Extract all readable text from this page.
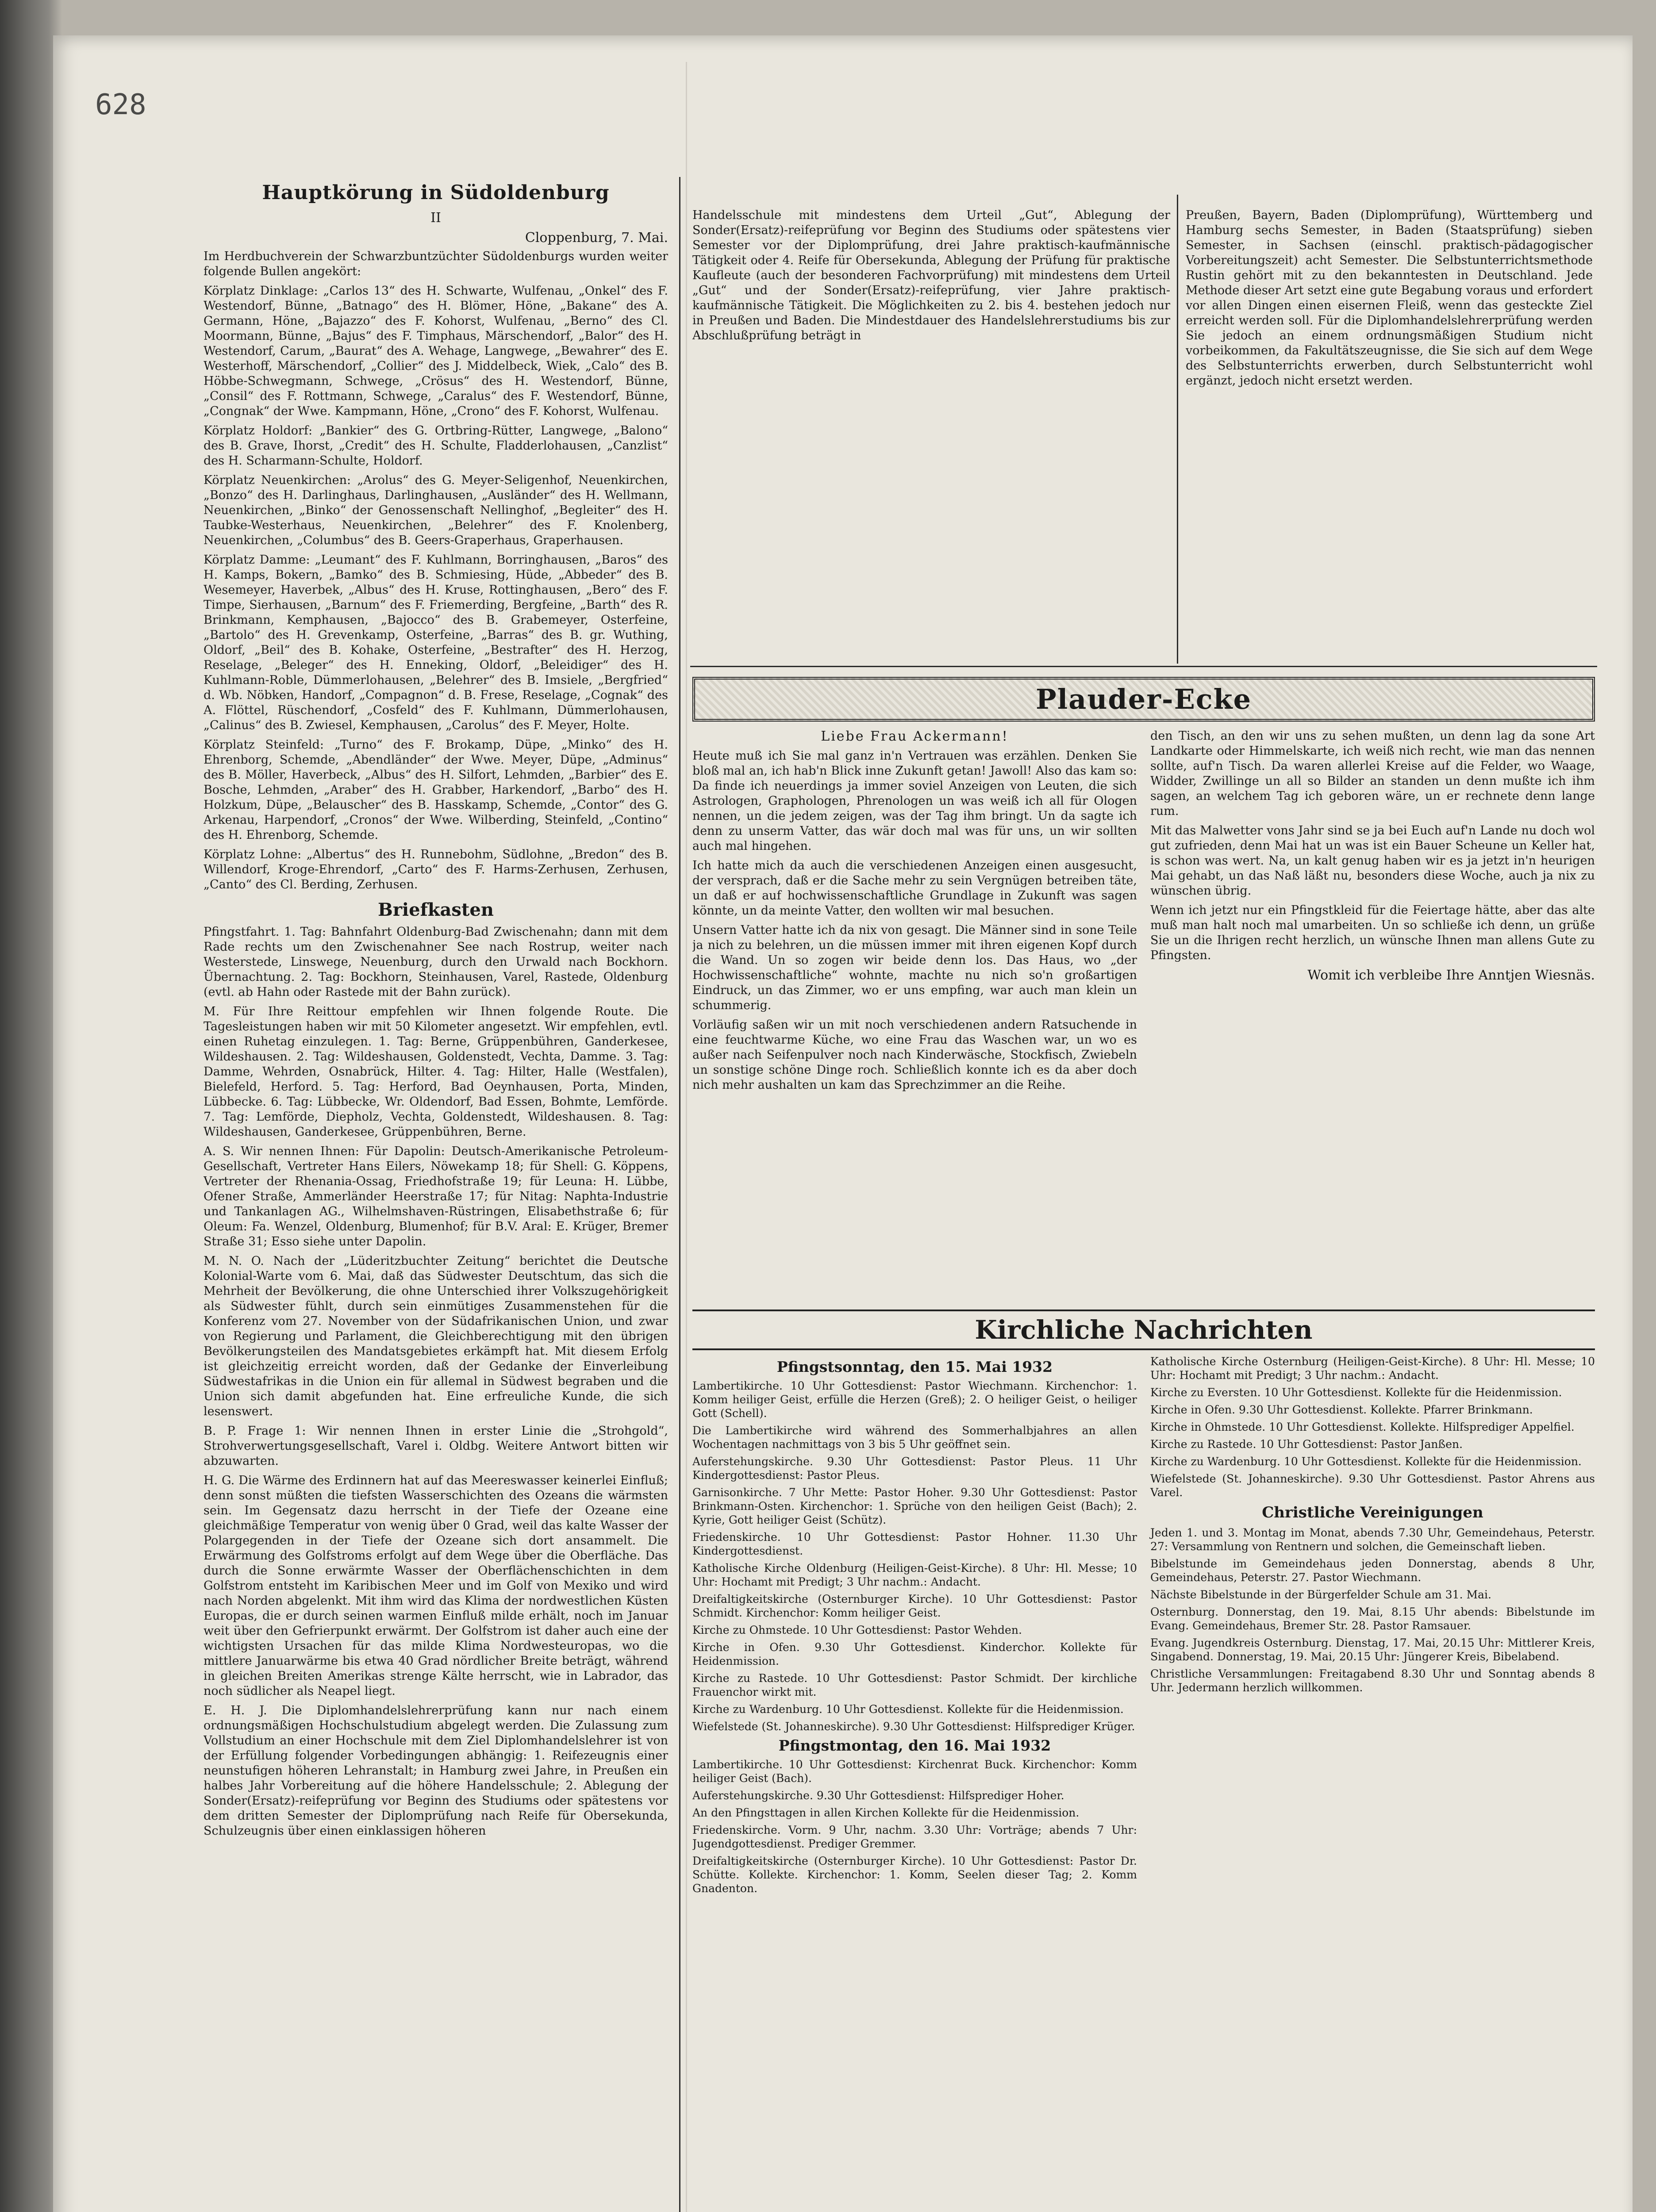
628
Hauptkörung in Südoldenburg
II
Cloppenburg, 7. Mai.

Im Herdbuchverein der Schwarzbuntzüchter Südoldenburgs wurden weiter folgende Bullen angekört:

Körplatz Dinklage: „Carlos 13“ des H. Schwarte, Wulfenau, „Onkel“ des F. Westendorf, Bünne, „Batnago“ des H. Blömer, Höne, „Bakane“ des A. Germann, Höne, „Bajazzo“ des F. Kohorst, Wulfenau, „Berno“ des Cl. Moormann, Bünne, „Bajus“ des F. Timphaus, Märschendorf, „Balor“ des H. Westendorf, Carum, „Baurat“ des A. Wehage, Langwege, „Bewahrer“ des E. Westerhoff, Märschendorf, „Collier“ des J. Middelbeck, Wiek, „Calo“ des B. Höbbe-Schwegmann, Schwege, „Crösus“ des H. Westendorf, Bünne, „Consil“ des F. Rottmann, Schwege, „Caralus“ des F. Westendorf, Bünne, „Congnak“ der Wwe. Kampmann, Höne, „Crono“ des F. Kohorst, Wulfenau.

Körplatz Holdorf: „Bankier“ des G. Ortbring-Rütter, Langwege, „Balono“ des B. Grave, Ihorst, „Credit“ des H. Schulte, Fladderlohausen, „Canzlist“ des H. Scharmann-Schulte, Holdorf.

Körplatz Neuenkirchen: „Arolus“ des G. Meyer-Seligenhof, Neuenkirchen, „Bonzo“ des H. Darlinghaus, Darlinghausen, „Ausländer“ des H. Wellmann, Neuenkirchen, „Binko“ der Genossenschaft Nellinghof, „Begleiter“ des H. Taubke-Westerhaus, Neuenkirchen, „Belehrer“ des F. Knolenberg, Neuenkirchen, „Columbus“ des B. Geers-Graperhaus, Graperhausen.

Körplatz Damme: „Leumant“ des F. Kuhlmann, Borringhausen, „Baros“ des H. Kamps, Bokern, „Bamko“ des B. Schmiesing, Hüde, „Abbeder“ des B. Wesemeyer, Haverbek, „Albus“ des H. Kruse, Rottinghausen, „Bero“ des F. Timpe, Sierhausen, „Barnum“ des F. Friemerding, Bergfeine, „Barth“ des R. Brinkmann, Kemphausen, „Bajocco“ des B. Grabemeyer, Osterfeine, „Bartolo“ des H. Grevenkamp, Osterfeine, „Barras“ des B. gr. Wuthing, Oldorf, „Beil“ des B. Kohake, Osterfeine, „Bestrafter“ des H. Herzog, Reselage, „Beleger“ des H. Enneking, Oldorf, „Beleidiger“ des H. Kuhlmann-Roble, Dümmerlohausen, „Belehrer“ des B. Imsiele, „Bergfried“ d. Wb. Nöbken, Handorf, „Compagnon“ d. B. Frese, Reselage, „Cognak“ des A. Flöttel, Rüschendorf, „Cosfeld“ des F. Kuhlmann, Dümmerlohausen, „Calinus“ des B. Zwiesel, Kemphausen, „Carolus“ des F. Meyer, Holte.

Körplatz Steinfeld: „Turno“ des F. Brokamp, Düpe, „Minko“ des H. Ehrenborg, Schemde, „Abendländer“ der Wwe. Meyer, Düpe, „Adminus“ des B. Möller, Haverbeck, „Albus“ des H. Silfort, Lehmden, „Barbier“ des E. Bosche, Lehmden, „Araber“ des H. Grabber, Harkendorf, „Barbo“ des H. Holzkum, Düpe, „Belauscher“ des B. Hasskamp, Schemde, „Contor“ des G. Arkenau, Harpendorf, „Cronos“ der Wwe. Wilberding, Steinfeld, „Contino“ des H. Ehrenborg, Schemde.

Körplatz Lohne: „Albertus“ des H. Runnebohm, Südlohne, „Bredon“ des B. Willendorf, Kroge-Ehrendorf, „Carto“ des F. Harms-Zerhusen, Zerhusen, „Canto“ des Cl. Berding, Zerhusen.

Briefkasten

Pfingstfahrt. 1. Tag: Bahnfahrt Oldenburg-Bad Zwischenahn; dann mit dem Rade rechts um den Zwischenahner See nach Rostrup, weiter nach Westerstede, Linswege, Neuenburg, durch den Urwald nach Bockhorn. Übernachtung. 2. Tag: Bockhorn, Steinhausen, Varel, Rastede, Oldenburg (evtl. ab Hahn oder Rastede mit der Bahn zurück).

M. Für Ihre Reittour empfehlen wir Ihnen folgende Route. Die Tagesleistungen haben wir mit 50 Kilometer angesetzt. Wir empfehlen, evtl. einen Ruhetag einzulegen. 1. Tag: Berne, Grüppenbühren, Ganderkesee, Wildeshausen. 2. Tag: Wildeshausen, Goldenstedt, Vechta, Damme. 3. Tag: Damme, Wehrden, Osnabrück, Hilter. 4. Tag: Hilter, Halle (Westfalen), Bielefeld, Herford. 5. Tag: Herford, Bad Oeynhausen, Porta, Minden, Lübbecke. 6. Tag: Lübbecke, Wr. Oldendorf, Bad Essen, Bohmte, Lemförde. 7. Tag: Lemförde, Diepholz, Vechta, Goldenstedt, Wildeshausen. 8. Tag: Wildeshausen, Ganderkesee, Grüppenbühren, Berne.

A. S. Wir nennen Ihnen: Für Dapolin: Deutsch-Amerikanische Petroleum-Gesellschaft, Vertreter Hans Eilers, Nöwekamp 18; für Shell: G. Köppens, Vertreter der Rhenania-Ossag, Friedhofstraße 19; für Leuna: H. Lübbe, Ofener Straße, Ammerländer Heerstraße 17; für Nitag: Naphta-Industrie und Tankanlagen AG., Wilhelmshaven-Rüstringen, Elisabethstraße 6; für Oleum: Fa. Wenzel, Oldenburg, Blumenhof; für B.V. Aral: E. Krüger, Bremer Straße 31; Esso siehe unter Dapolin.

M. N. O. Nach der „Lüderitzbuchter Zeitung“ berichtet die Deutsche Kolonial-Warte vom 6. Mai, daß das Südwester Deutschtum, das sich die Mehrheit der Bevölkerung, die ohne Unterschied ihrer Volkszugehörigkeit als Südwester fühlt, durch sein einmütiges Zusammenstehen für die Konferenz vom 27. November von der Südafrikanischen Union, und zwar von Regierung und Parlament, die Gleichberechtigung mit den übrigen Bevölkerungsteilen des Mandatsgebietes erkämpft hat. Mit diesem Erfolg ist gleichzeitig erreicht worden, daß der Gedanke der Einverleibung Südwestafrikas in die Union ein für allemal in Südwest begraben und die Union sich damit abgefunden hat. Eine erfreuliche Kunde, die sich lesenswert.

B. P. Frage 1: Wir nennen Ihnen in erster Linie die „Strohgold“, Strohverwertungsgesellschaft, Varel i. Oldbg. Weitere Antwort bitten wir abzuwarten.

H. G. Die Wärme des Erdinnern hat auf das Meereswasser keinerlei Einfluß; denn sonst müßten die tiefsten Wasserschichten des Ozeans die wärmsten sein. Im Gegensatz dazu herrscht in der Tiefe der Ozeane eine gleichmäßige Temperatur von wenig über 0 Grad, weil das kalte Wasser der Polargegenden in der Tiefe der Ozeane sich dort ansammelt. Die Erwärmung des Golfstroms erfolgt auf dem Wege über die Oberfläche. Das durch die Sonne erwärmte Wasser der Oberflächenschichten in dem Golfstrom entsteht im Karibischen Meer und im Golf von Mexiko und wird nach Norden abgelenkt. Mit ihm wird das Klima der nordwestlichen Küsten Europas, die er durch seinen warmen Einfluß milde erhält, noch im Januar weit über den Gefrierpunkt erwärmt. Der Golfstrom ist daher auch eine der wichtigsten Ursachen für das milde Klima Nordwesteuropas, wo die mittlere Januarwärme bis etwa 40 Grad nördlicher Breite beträgt, während in gleichen Breiten Amerikas strenge Kälte herrscht, wie in Labrador, das noch südlicher als Neapel liegt.

E. H. J. Die Diplomhandelslehrerprüfung kann nur nach einem ordnungsmäßigen Hochschulstudium abgelegt werden. Die Zulassung zum Vollstudium an einer Hochschule mit dem Ziel Diplomhandelslehrer ist von der Erfüllung folgender Vorbedingungen abhängig: 1. Reifezeugnis einer neunstufigen höheren Lehranstalt; in Hamburg zwei Jahre, in Preußen ein halbes Jahr Vorbereitung auf die höhere Handelsschule; 2. Ablegung der Sonder(Ersatz)-reifeprüfung vor Beginn des Studiums oder spätestens vor dem dritten Semester der Diplomprüfung nach Reife für Obersekunda, Schulzeugnis über einen einklassigen höheren

Handelsschule mit mindestens dem Urteil „Gut“, Ablegung der Sonder(Ersatz)-reifeprüfung vor Beginn des Studiums oder spätestens vier Semester vor der Diplomprüfung, drei Jahre praktisch-kaufmännische Tätigkeit oder 4. Reife für Obersekunda, Ablegung der Prüfung für praktische Kaufleute (auch der besonderen Fachvorprüfung) mit mindestens dem Urteil „Gut“ und der Sonder(Ersatz)-reifeprüfung, vier Jahre praktisch-kaufmännische Tätigkeit. Die Möglichkeiten zu 2. bis 4. bestehen jedoch nur in Preußen und Baden. Die Mindestdauer des Handelslehrerstudiums bis zur Abschlußprüfung beträgt in

Preußen, Bayern, Baden (Diplomprüfung), Württemberg und Hamburg sechs Semester, in Baden (Staatsprüfung) sieben Semester, in Sachsen (einschl. praktisch-pädagogischer Vorbereitungszeit) acht Semester. Die Selbstunterrichtsmethode Rustin gehört mit zu den bekanntesten in Deutschland. Jede Methode dieser Art setzt eine gute Begabung voraus und erfordert vor allen Dingen einen eisernen Fleiß, wenn das gesteckte Ziel erreicht werden soll. Für die Diplomhandelslehrerprüfung werden Sie jedoch an einem ordnungsmäßigen Studium nicht vorbeikommen, da Fakultätszeugnisse, die Sie sich auf dem Wege des Selbstunterrichts erwerben, durch Selbstunterricht wohl ergänzt, jedoch nicht ersetzt werden.

Plauder-Ecke
Liebe Frau Ackermann!

Heute muß ich Sie mal ganz in'n Vertrauen was erzählen. Denken Sie bloß mal an, ich hab'n Blick inne Zukunft getan! Jawoll! Also das kam so: Da finde ich neuerdings ja immer soviel Anzeigen von Leuten, die sich Astrologen, Graphologen, Phrenologen un was weiß ich all für Ologen nennen, un die jedem zeigen, was der Tag ihm bringt. Un da sagte ich denn zu unserm Vatter, das wär doch mal was für uns, un wir sollten auch mal hingehen.

Ich hatte mich da auch die verschiedenen Anzeigen einen ausgesucht, der versprach, daß er die Sache mehr zu sein Vergnügen betreiben täte, un daß er auf hochwissenschaftliche Grundlage in Zukunft was sagen könnte, un da meinte Vatter, den wollten wir mal besuchen.

Unsern Vatter hatte ich da nix von gesagt. Die Männer sind in sone Teile ja nich zu belehren, un die müssen immer mit ihren eigenen Kopf durch die Wand. Un so zogen wir beide denn los. Das Haus, wo „der Hochwissenschaftliche“ wohnte, machte nu nich so'n großartigen Eindruck, un das Zimmer, wo er uns empfing, war auch man klein un schummerig.

Vorläufig saßen wir un mit noch verschiedenen andern Ratsuchende in eine feuchtwarme Küche, wo eine Frau das Waschen war, un wo es außer nach Seifenpulver noch nach Kinderwäsche, Stockfisch, Zwiebeln un sonstige schöne Dinge roch. Schließlich konnte ich es da aber doch nich mehr aushalten un kam das Sprechzimmer an die Reihe.

den Tisch, an den wir uns zu sehen mußten, un denn lag da sone Art Landkarte oder Himmelskarte, ich weiß nich recht, wie man das nennen sollte, auf'n Tisch. Da waren allerlei Kreise auf die Felder, wo Waage, Widder, Zwillinge un all so Bilder an standen un denn mußte ich ihm sagen, an welchem Tag ich geboren wäre, un er rechnete denn lange rum.

Mit das Malwetter vons Jahr sind se ja bei Euch auf'n Lande nu doch wol gut zufrieden, denn Mai hat un was ist ein Bauer Scheune un Keller hat, is schon was wert. Na, un kalt genug haben wir es ja jetzt in'n heurigen Mai gehabt, un das Naß läßt nu, besonders diese Woche, auch ja nix zu wünschen übrig.

Wenn ich jetzt nur ein Pfingstkleid für die Feiertage hätte, aber das alte muß man halt noch mal umarbeiten. Un so schließe ich denn, un grüße Sie un die Ihrigen recht herzlich, un wünsche Ihnen man allens Gute zu Pfingsten.

Womit ich verbleibe Ihre Anntjen Wiesnäs.
Kirchliche Nachrichten
Pfingstsonntag, den 15. Mai 1932

Lambertikirche. 10 Uhr Gottesdienst: Pastor Wiechmann. Kirchenchor: 1. Komm heiliger Geist, erfülle die Herzen (Greß); 2. O heiliger Geist, o heiliger Gott (Schell).

Die Lambertikirche wird während des Sommerhalbjahres an allen Wochentagen nachmittags von 3 bis 5 Uhr geöffnet sein.

Auferstehungskirche. 9.30 Uhr Gottesdienst: Pastor Pleus. 11 Uhr Kindergottesdienst: Pastor Pleus.

Garnisonkirche. 7 Uhr Mette: Pastor Hoher. 9.30 Uhr Gottesdienst: Pastor Brinkmann-Osten. Kirchenchor: 1. Sprüche von den heiligen Geist (Bach); 2. Kyrie, Gott heiliger Geist (Schütz).

Friedenskirche. 10 Uhr Gottesdienst: Pastor Hohner. 11.30 Uhr Kindergottesdienst.

Katholische Kirche Oldenburg (Heiligen-Geist-Kirche). 8 Uhr: Hl. Messe; 10 Uhr: Hochamt mit Predigt; 3 Uhr nachm.: Andacht.

Dreifaltigkeitskirche (Osternburger Kirche). 10 Uhr Gottesdienst: Pastor Schmidt. Kirchenchor: Komm heiliger Geist.

Kirche zu Ohmstede. 10 Uhr Gottesdienst: Pastor Wehden.

Kirche in Ofen. 9.30 Uhr Gottesdienst. Kinderchor. Kollekte für Heidenmission.

Kirche zu Rastede. 10 Uhr Gottesdienst: Pastor Schmidt. Der kirchliche Frauenchor wirkt mit.

Kirche zu Wardenburg. 10 Uhr Gottesdienst. Kollekte für die Heidenmission.

Wiefelstede (St. Johanneskirche). 9.30 Uhr Gottesdienst: Hilfsprediger Krüger.

Pfingstmontag, den 16. Mai 1932

Lambertikirche. 10 Uhr Gottesdienst: Kirchenrat Buck. Kirchenchor: Komm heiliger Geist (Bach).

Auferstehungskirche. 9.30 Uhr Gottesdienst: Hilfsprediger Hoher.

An den Pfingsttagen in allen Kirchen Kollekte für die Heidenmission.

Friedenskirche. Vorm. 9 Uhr, nachm. 3.30 Uhr: Vorträge; abends 7 Uhr: Jugendgottesdienst. Prediger Gremmer.

Dreifaltigkeitskirche (Osternburger Kirche). 10 Uhr Gottesdienst: Pastor Dr. Schütte. Kollekte. Kirchenchor: 1. Komm, Seelen dieser Tag; 2. Komm Gnadenton.

Katholische Kirche Osternburg (Heiligen-Geist-Kirche). 8 Uhr: Hl. Messe; 10 Uhr: Hochamt mit Predigt; 3 Uhr nachm.: Andacht.

Kirche zu Eversten. 10 Uhr Gottesdienst. Kollekte für die Heidenmission.

Kirche in Ofen. 9.30 Uhr Gottesdienst. Kollekte. Pfarrer Brinkmann.

Kirche in Ohmstede. 10 Uhr Gottesdienst. Kollekte. Hilfsprediger Appelfiel.

Kirche zu Rastede. 10 Uhr Gottesdienst: Pastor Janßen.

Kirche zu Wardenburg. 10 Uhr Gottesdienst. Kollekte für die Heidenmission.

Wiefelstede (St. Johanneskirche). 9.30 Uhr Gottesdienst. Pastor Ahrens aus Varel.

Christliche Vereinigungen

Jeden 1. und 3. Montag im Monat, abends 7.30 Uhr, Gemeindehaus, Peterstr. 27: Versammlung von Rentnern und solchen, die Gemeinschaft lieben.

Bibelstunde im Gemeindehaus jeden Donnerstag, abends 8 Uhr, Gemeindehaus, Peterstr. 27. Pastor Wiechmann.

Nächste Bibelstunde in der Bürgerfelder Schule am 31. Mai.

Osternburg. Donnerstag, den 19. Mai, 8.15 Uhr abends: Bibelstunde im Evang. Gemeindehaus, Bremer Str. 28. Pastor Ramsauer.

Evang. Jugendkreis Osternburg. Dienstag, 17. Mai, 20.15 Uhr: Mittlerer Kreis, Singabend. Donnerstag, 19. Mai, 20.15 Uhr: Jüngerer Kreis, Bibelabend.

Christliche Versammlungen: Freitagabend 8.30 Uhr und Sonntag abends 8 Uhr. Jedermann herzlich willkommen.
